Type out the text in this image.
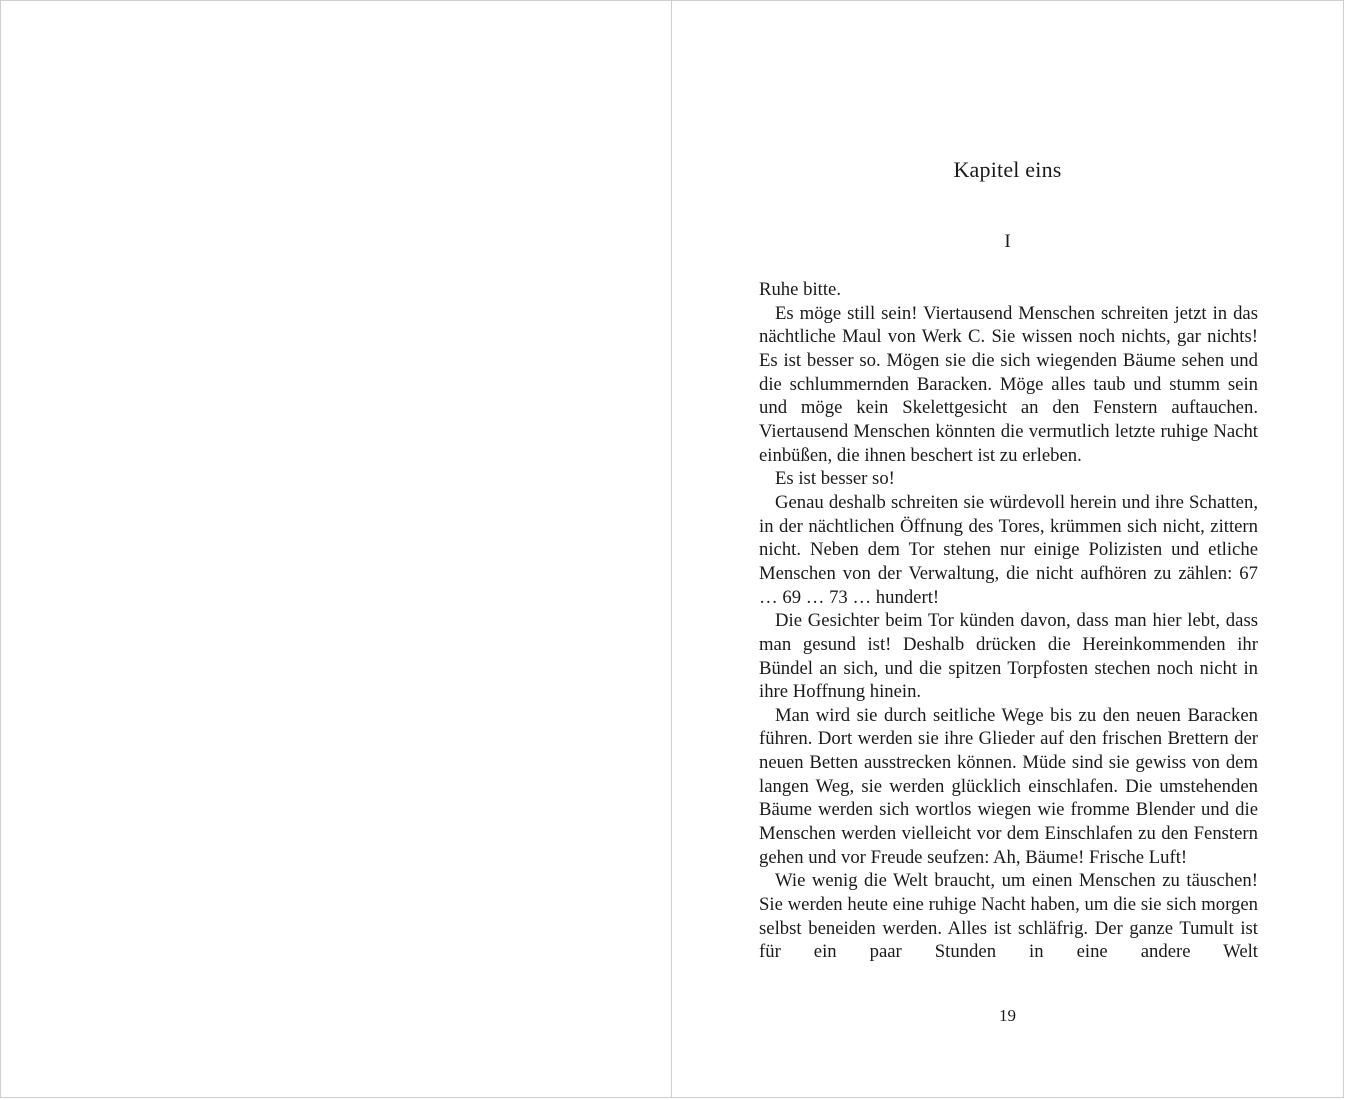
Kapitel eins
I

Ruhe bitte.

Es möge still sein! Viertausend Menschen schreiten jetzt in das nächtliche Maul von Werk C. Sie wissen noch nichts, gar nichts! Es ist besser so. Mögen sie die sich wiegenden Bäume sehen und die schlummernden Baracken. Möge alles taub und stumm sein und möge kein Skelettgesicht an den Fenstern auftauchen. Viertausend Menschen könnten die vermutlich letzte ruhige Nacht einbüßen, die ihnen beschert ist zu erleben.

Es ist besser so!

Genau deshalb schreiten sie würdevoll herein und ihre Schatten, in der nächtlichen Öffnung des Tores, krümmen sich nicht, zittern nicht. Neben dem Tor stehen nur einige Polizisten und etliche Menschen von der Verwaltung, die nicht aufhören zu zählen: 67 … 69 … 73 … hundert!

Die Gesichter beim Tor künden davon, dass man hier lebt, dass man gesund ist! Deshalb drücken die Hereinkommenden ihr Bündel an sich, und die spitzen Torpfosten stechen noch nicht in ihre Hoffnung hinein.

Man wird sie durch seitliche Wege bis zu den neuen Baracken führen. Dort werden sie ihre Glieder auf den frischen Brettern der neuen Betten ausstrecken können. Müde sind sie gewiss von dem langen Weg, sie werden glücklich einschlafen. Die umstehenden Bäume werden sich wortlos wiegen wie fromme Blender und die Menschen werden vielleicht vor dem Einschlafen zu den Fenstern gehen und vor Freude seufzen: Ah, Bäume! Frische Luft!

Wie wenig die Welt braucht, um einen Menschen zu täuschen! Sie werden heute eine ruhige Nacht haben, um die sie sich morgen selbst beneiden werden. Alles ist schläfrig. Der ganze Tumult ist für ein paar Stunden in eine andere Welt

19
